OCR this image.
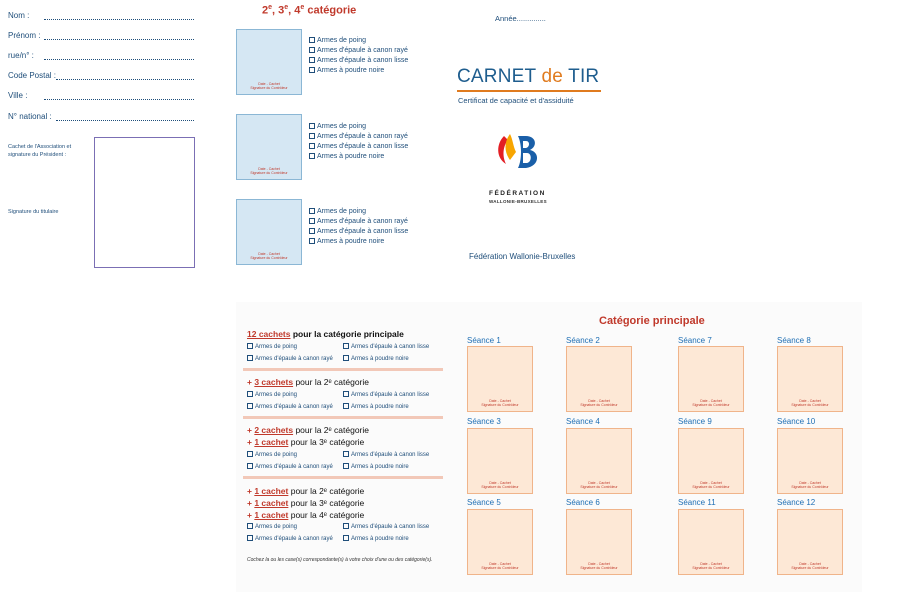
Nom :
Prénom :
rue/n° :
Code Postal :
Ville :
N° national :
Cachet de l'Association et signature du Président :
Signature du titulaire
2e, 3e, 4e catégorie
Date - Cachet
Signature du Contrôleur
Armes de poing
Armes d'épaule à canon rayé
Armes d'épaule à canon lisse
Armes à poudre noire
Date - Cachet
Signature du Contrôleur
Armes de poing
Armes d'épaule à canon rayé
Armes d'épaule à canon lisse
Armes à poudre noire
Date - Cachet
Signature du Contrôleur
Armes de poing
Armes d'épaule à canon rayé
Armes d'épaule à canon lisse
Armes à poudre noire
Année..............
CARNET de TIR
Certificat de capacité et d'assiduité
FÉDÉRATION
WALLONIE-BRUXELLES
Fédération Wallonie-Bruxelles
12 cachets pour la catégorie principale
Armes de poing	Armes d'épaule à canon lisse
Armes d'épaule à canon rayé	Armes à poudre noire
+ 3 cachets pour la 2ᵉ catégorie
Armes de poing	Armes d'épaule à canon lisse
Armes d'épaule à canon rayé	Armes à poudre noire
+ 2 cachets pour la 2ᵉ catégorie
+ 1 cachet pour la 3ᵉ catégorie
Armes de poing	Armes d'épaule à canon lisse
Armes d'épaule à canon rayé	Armes à poudre noire
+ 1 cachet pour la 2ᵉ catégorie
+ 1 cachet pour la 3ᵉ catégorie
+ 1 cachet pour la 4ᵉ catégorie
Armes de poing	Armes d'épaule à canon lisse
Armes d'épaule à canon rayé	Armes à poudre noire
Cochez la ou les case(s) correspondante(s) à votre choix d'une ou des catégorie(s).
Catégorie principale
Séance 1
Date - Cachet
Signature du Contrôleur
Séance 2
Date - Cachet
Signature du Contrôleur
Séance 7
Date - Cachet
Signature du Contrôleur
Séance 8
Date - Cachet
Signature du Contrôleur
Séance 3
Date - Cachet
Signature du Contrôleur
Séance 4
Date - Cachet
Signature du Contrôleur
Séance 9
Date - Cachet
Signature du Contrôleur
Séance 10
Date - Cachet
Signature du Contrôleur
Séance 5
Date - Cachet
Signature du Contrôleur
Séance 6
Date - Cachet
Signature du Contrôleur
Séance 11
Date - Cachet
Signature du Contrôleur
Séance 12
Date - Cachet
Signature du Contrôleur
